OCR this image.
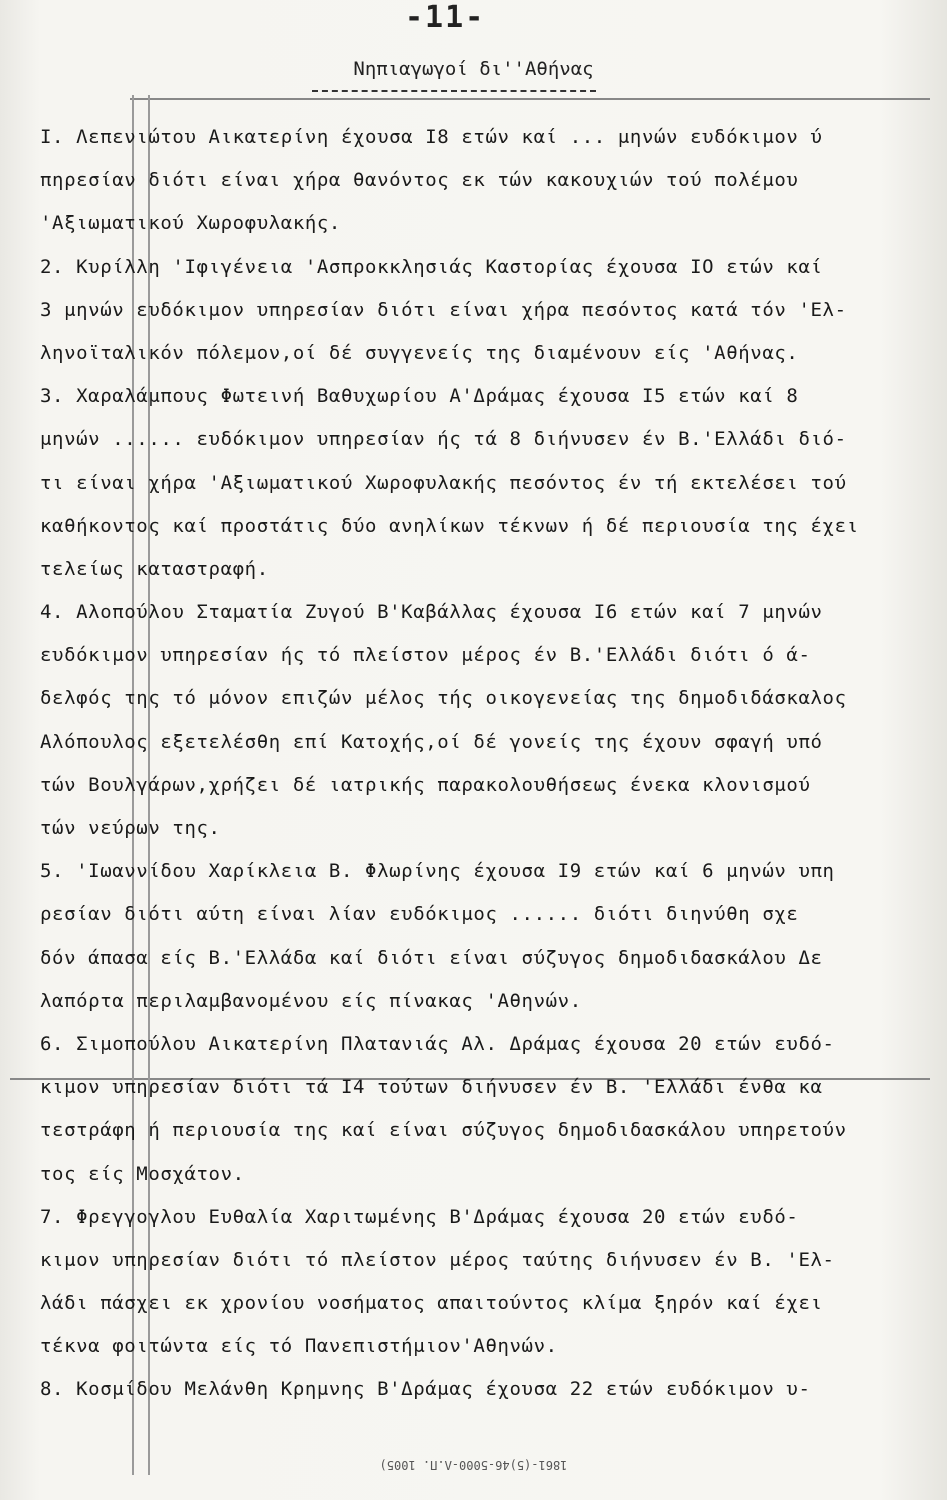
-11-
Νηπιαγωγοί δι''Αθήνας
Ι. Λεπενιώτου Αικατερίνη έχουσα Ι8 ετών καί ... μηνών ευδόκιμον ύ
πηρεσίαν διότι είναι χήρα θανόντος εκ τών κακουχιών τού πολέμου
'Αξιωματικού Χωροφυλακής.
2. Κυρίλλη 'Ιφιγένεια 'Ασπροκκλησιάς Καστορίας έχουσα ΙΟ ετών καί
3 μηνών ευδόκιμον υπηρεσίαν διότι είναι χήρα πεσόντος κατά τόν 'Ελ-
ληνοϊταλικόν πόλεμον,οί δέ συγγενείς της διαμένουν είς 'Αθήνας.
3. Χαραλάμπους Φωτεινή Βαθυχωρίου Α'Δράμας έχουσα Ι5 ετών καί 8
μηνών ...... ευδόκιμον υπηρεσίαν ής τά 8 διήνυσεν έν Β.'Ελλάδι διό-
τι είναι χήρα 'Αξιωματικού Χωροφυλακής πεσόντος έν τή εκτελέσει τού
καθήκοντος καί προστάτις δύο ανηλίκων τέκνων ή δέ περιουσία της έχει
τελείως καταστραφή.
4. Αλοπούλου Σταματία Ζυγού Β'Καβάλλας έχουσα Ι6 ετών καί 7 μηνών
ευδόκιμον υπηρεσίαν ής τό πλείστον μέρος έν Β.'Ελλάδι διότι ό ά-
δελφός της τό μόνον επιζών μέλος τής οικογενείας της δημοδιδάσκαλος
Αλόπουλος εξετελέσθη επί Κατοχής,οί δέ γονείς της έχουν σφαγή υπό
τών Βουλγάρων,χρήζει δέ ιατρικής παρακολουθήσεως ένεκα κλονισμού
τών νεύρων της.
5. 'Ιωαννίδου Χαρίκλεια Β. Φλωρίνης έχουσα Ι9 ετών καί 6 μηνών υπη
ρεσίαν διότι αύτη είναι λίαν ευδόκιμος ...... διότι διηνύθη σχε
δόν άπασα είς Β.'Ελλάδα καί διότι είναι σύζυγος δημοδιδασκάλου Δε
λαπόρτα περιλαμβανομένου είς πίνακας 'Αθηνών.
6. Σιμοπούλου Αικατερίνη Πλατανιάς Αλ. Δράμας έχουσα 20 ετών ευδό-
κιμον υπηρεσίαν διότι τά Ι4 τούτων διήνυσεν έν Β. 'Ελλάδι ένθα κα
τεστράφη ή περιουσία της καί είναι σύζυγος δημοδιδασκάλου υπηρετούν
τος είς Μοσχάτον.
7. Φρεγγογλου Ευθαλία Χαριτωμένης Β'Δράμας έχουσα 20 ετών ευδό-
κιμον υπηρεσίαν διότι τό πλείστον μέρος ταύτης διήνυσεν έν Β. 'Ελ-
λάδι πάσχει εκ χρονίου νοσήματος απαιτούντος κλίμα ξηρόν καί έχει
τέκνα φοιτώντα είς τό Πανεπιστήμιον'Αθηνών.
8. Κοσμίδου Μελάνθη Κρημνης Β'Δράμας έχουσα 22 ετών ευδόκιμον υ-
1861-(5)46-5000-Λ.Π. 1005)
